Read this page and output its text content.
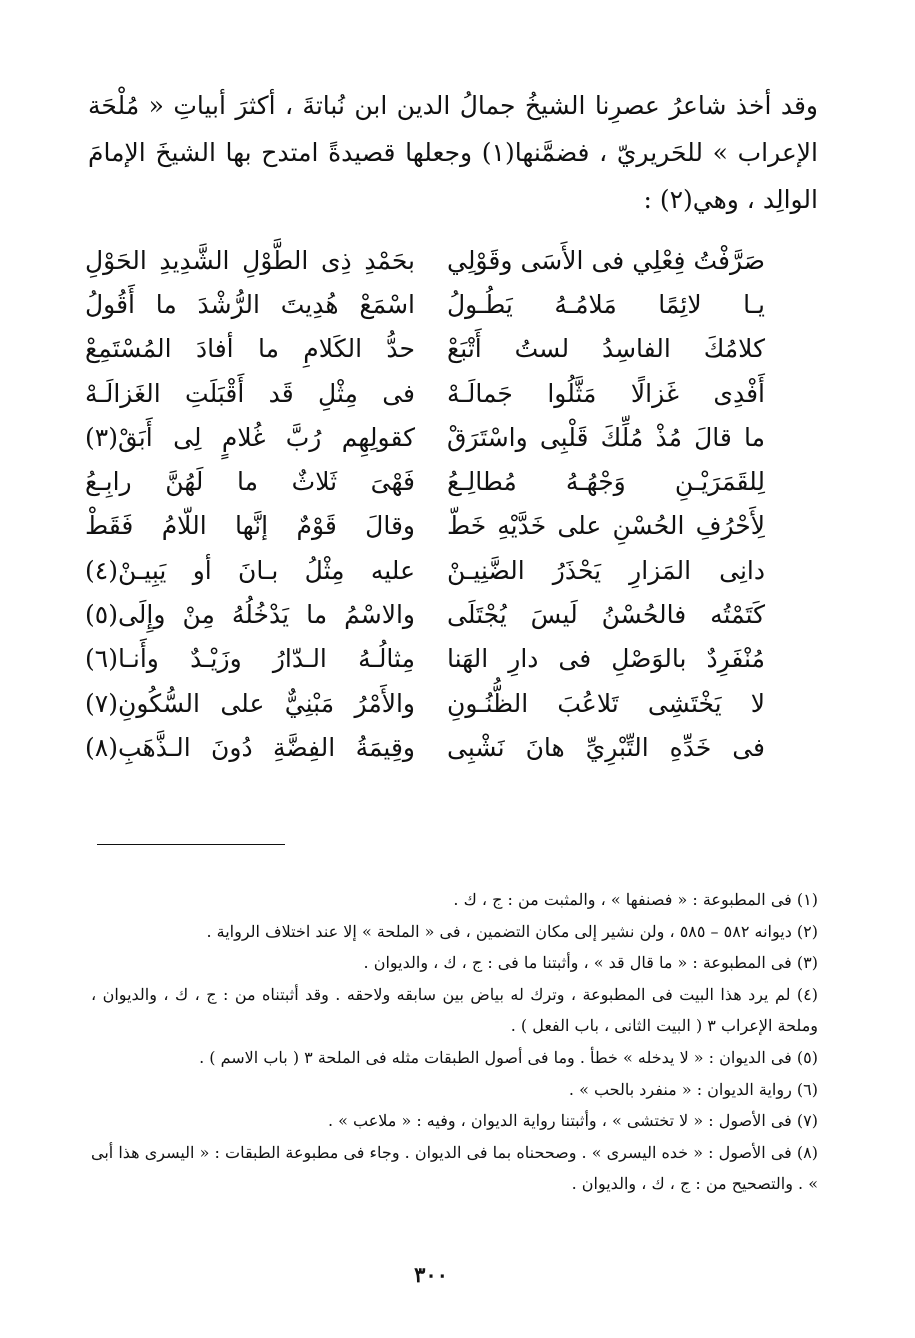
وقد أخذ شاعرُ عصرِنا الشيخُ جمالُ الدين ابن نُباتةَ ، أكثرَ أبياتِ « مُلْحَة الإعراب » للحَريريّ ، فضمَّنها(١) وجعلها قصيدةً امتدح بها الشيخَ الإمامَ الوالِد ، وهي(٢) :

صَرَّفْتُ فِعْلِي فى الأَسَى وقَوْلِي
بحَمْدِ ذِى الطَّوْلِ الشَّدِيدِ الحَوْلِ
يـا لائِمًا مَلامُـهُ يَطُـولُ
اسْمَعْ هُدِيتَ الرُّشْدَ ما أَقُولُ
كلامُكَ الفاسِدُ لستُ أَتْبَعْ
حدُّ الكَلامِ ما أفادَ المُسْتَمِعْ
أَفْدِى غَزالًا مَثَّلُوا جَمالَـهْ
فى مِثْلِ قَد أَقْبَلَتِ الغَزالَـهْ
ما قالَ مُذْ مُلِّكَ قَلْبِى واسْتَرَقْ
كقولِهِم رُبَّ غُلامٍ لِى أَبَقْ(٣)
لِلقَمَرَيْـنِ وَجْهُـهُ مُطالِـعُ
فَهْىَ ثَلاثٌ ما لَهُنَّ رابِـعُ
لِأَحْرُفِ الحُسْنِ على خَدَّيْهِ خَطّ
وقالَ قَوْمٌ إنَّها اللّامُ فَقَطْ
دانِى المَزارِ يَحْذَرُ الضَّنِيـنْ
عليه مِثْلُ بـانَ أو يَبِيـنْ(٤)
كَتَمْتُه فالحُسْنُ لَيسَ يُجْتَلَى
والاسْمُ ما يَدْخُلُهُ مِنْ وإِلَى(٥)
مُنْفَرِدٌ بالوَصْلِ فى دارِ الهَنا
مِثالُـهُ الـدّارُ وزَيْـدٌ وأَنـا(٦)
لا يَخْتَشِى تَلاعُبَ الظُّنُـونِ
والأَمْرُ مَبْنِيٌّ على السُّكُونِ(٧)
فى خَدِّهِ التِّبْرِيِّ هانَ نَشْبِى
وقِيمَةُ الفِضَّةِ دُونَ الـذَّهَبِ(٨)

(١) فى المطبوعة : « فصنفها » ، والمثبت من : ج ، ك .

(٢) ديوانه ٥٨٢ – ٥٨٥ ، ولن نشير إلى مكان التضمين ، فى « الملحة » إلا عند اختلاف الرواية .

(٣) فى المطبوعة : « ما قال قد » ، وأثبتنا ما فى : ج ، ك ، والديوان .

(٤) لم يرد هذا البيت فى المطبوعة ، وترك له بياض بين سابقه ولاحقه . وقد أثبتناه من : ج ، ك ، والديوان ، وملحة الإعراب ٣ ( البيت الثانى ، باب الفعل ) .

(٥) فى الديوان : « لا يدخله » خطأ . وما فى أصول الطبقات مثله فى الملحة ٣ ( باب الاسم ) .

(٦) رواية الديوان : « منفرد بالحب » .

(٧) فى الأصول : « لا تختشى » ، وأثبتنا رواية الديوان ، وفيه : « ملاعب » .

(٨) فى الأصول : « خده اليسرى » . وصححناه بما فى الديوان . وجاء فى مطبوعة الطبقات : « اليسرى هذا أبى » . والتصحيح من : ج ، ك ، والديوان .

٣٠٠
